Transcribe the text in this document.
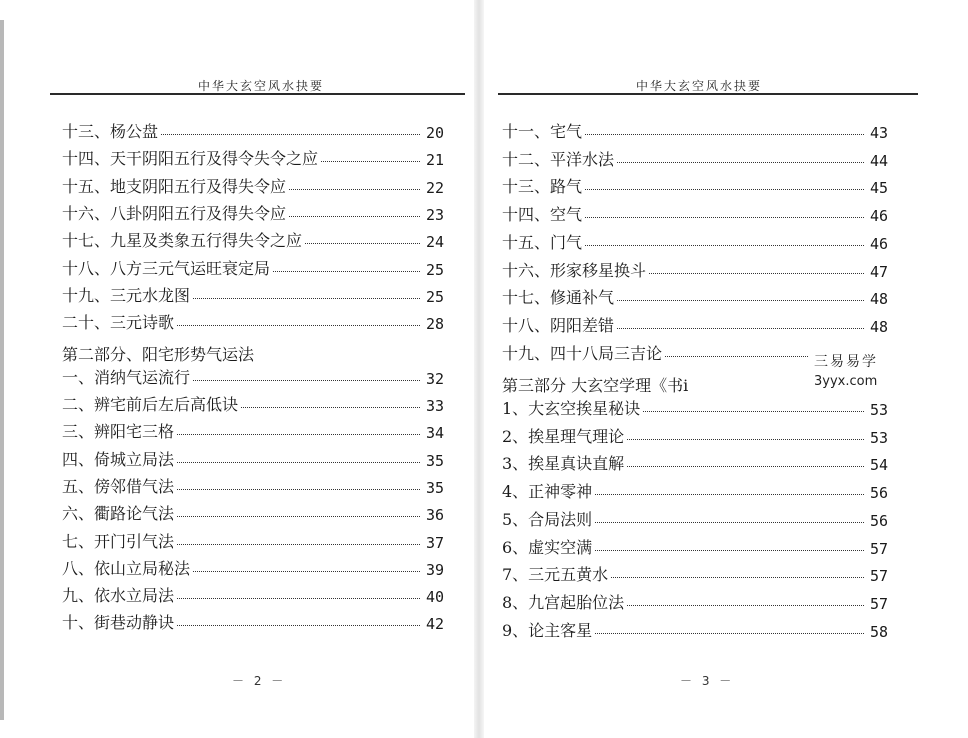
中华大玄空风水抉要
十三、杨公盘	20
十四、天干阴阳五行及得令失令之应	21
十五、地支阴阳五行及得失令应	22
十六、八卦阴阳五行及得失令应	23
十七、九星及类象五行得失令之应	24
十八、八方三元气运旺衰定局	25
十九、三元水龙图	25
二十、三元诗歌	28
第二部分、阳宅形势气运法
一、消纳气运流行	32
二、辨宅前后左后高低诀	33
三、辨阳宅三格	34
四、倚城立局法	35
五、傍邻借气法	35
六、衢路论气法	36
七、开门引气法	37
八、依山立局秘法	39
九、依水立局法	40
十、街巷动静诀	42
－ 2 －
中华大玄空风水抉要
十一、宅气	43
十二、平洋水法	44
十三、路气	45
十四、空气	46
十五、门气	46
十六、形家移星换斗	47
十七、修通补气	48
十八、阴阳差错	48
十九、四十八局三吉论
第三部分 大玄空学理《书i
1、大玄空挨星秘诀	53
2、挨星理气理论	53
3、挨星真诀直解	54
4、正神零神	56
5、合局法则	56
6、虚实空满	57
7、三元五黄水	57
8、九宫起胎位法	57
9、论主客星	58
－ 3 －
三易易学
3yyx.com
